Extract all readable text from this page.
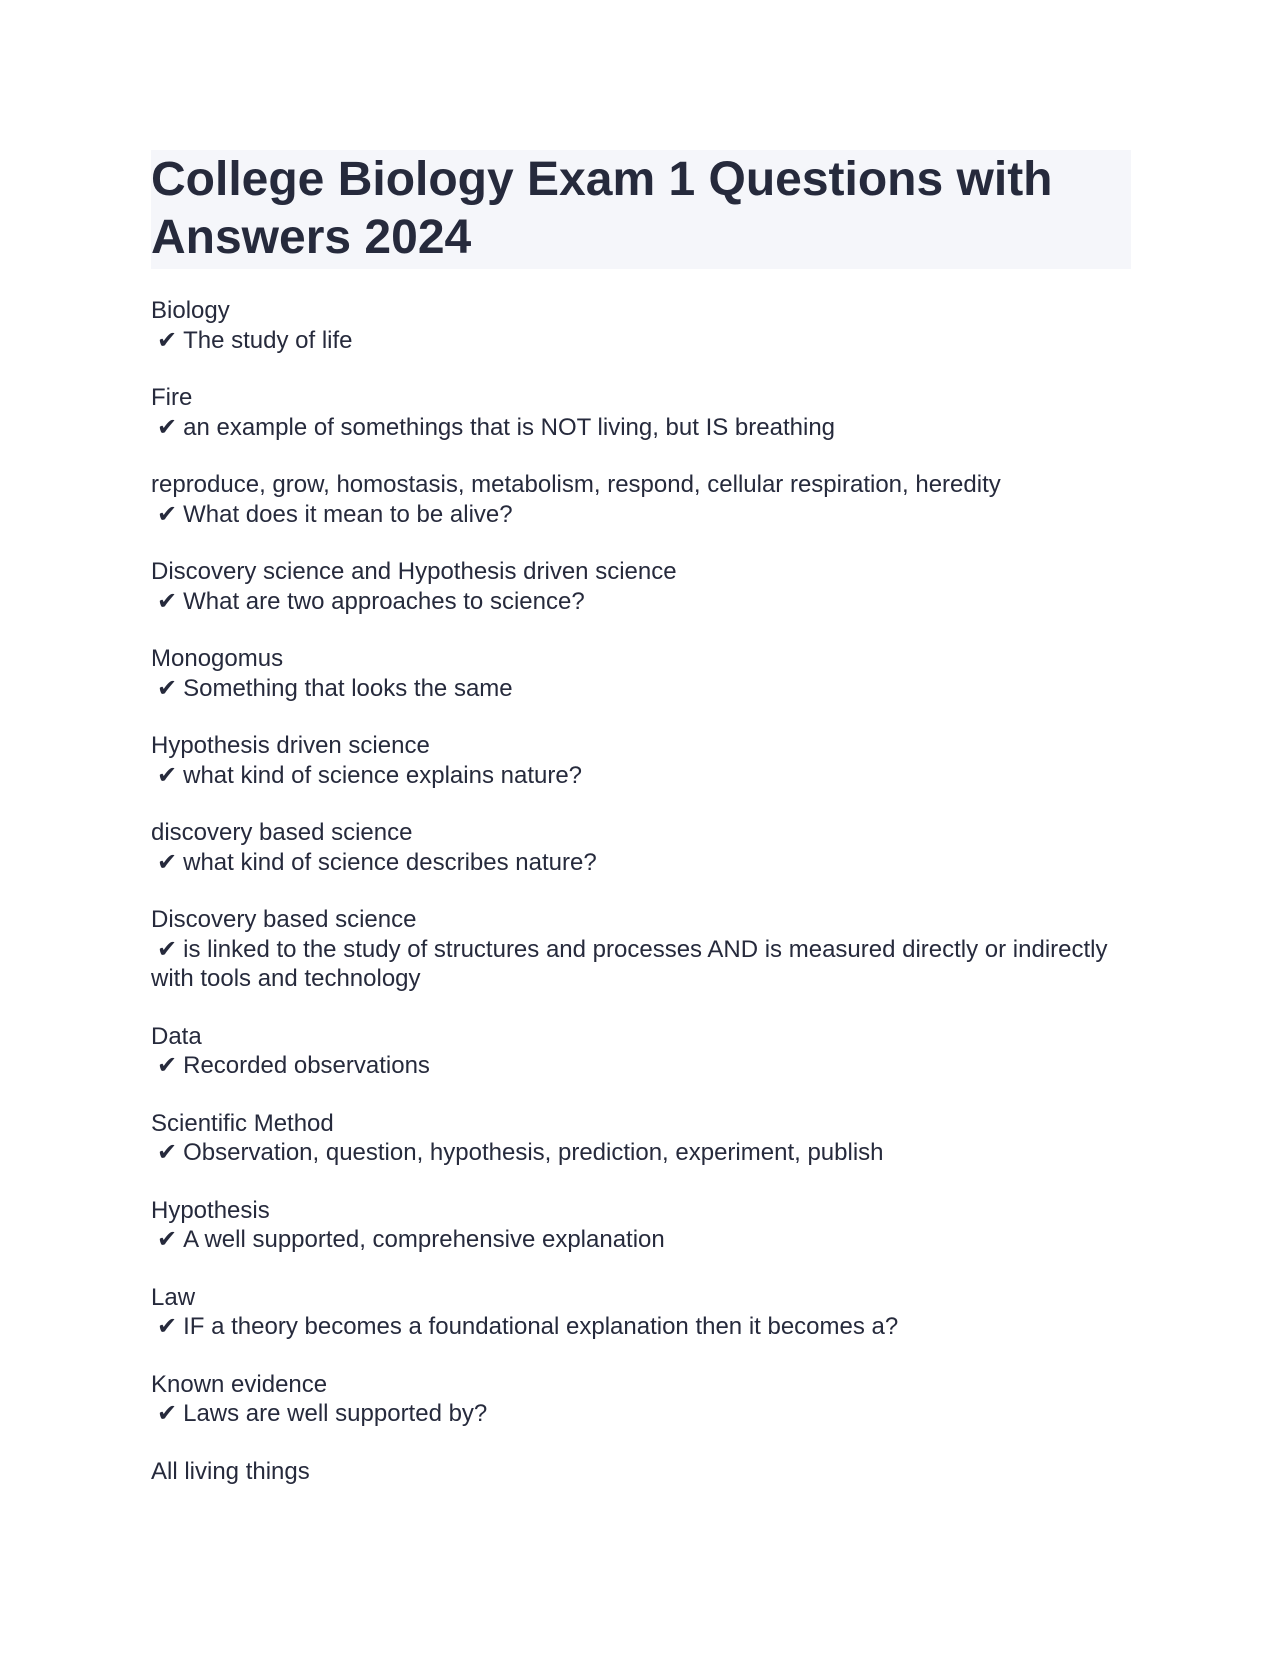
College Biology Exam 1 Questions with Answers 2024
Biology
✔ The study of life
Fire
✔ an example of somethings that is NOT living, but IS breathing
reproduce, grow, homostasis, metabolism, respond, cellular respiration, heredity
✔ What does it mean to be alive?
Discovery science and Hypothesis driven science
✔ What are two approaches to science?
Monogomus
✔ Something that looks the same
Hypothesis driven science
✔ what kind of science explains nature?
discovery based science
✔ what kind of science describes nature?
Discovery based science
✔ is linked to the study of structures and processes AND is measured directly or indirectly with tools and technology
Data
✔ Recorded observations
Scientific Method
✔ Observation, question, hypothesis, prediction, experiment, publish
Hypothesis
✔ A well supported, comprehensive explanation
Law
✔ IF a theory becomes a foundational explanation then it becomes a?
Known evidence
✔ Laws are well supported by?
All living things
